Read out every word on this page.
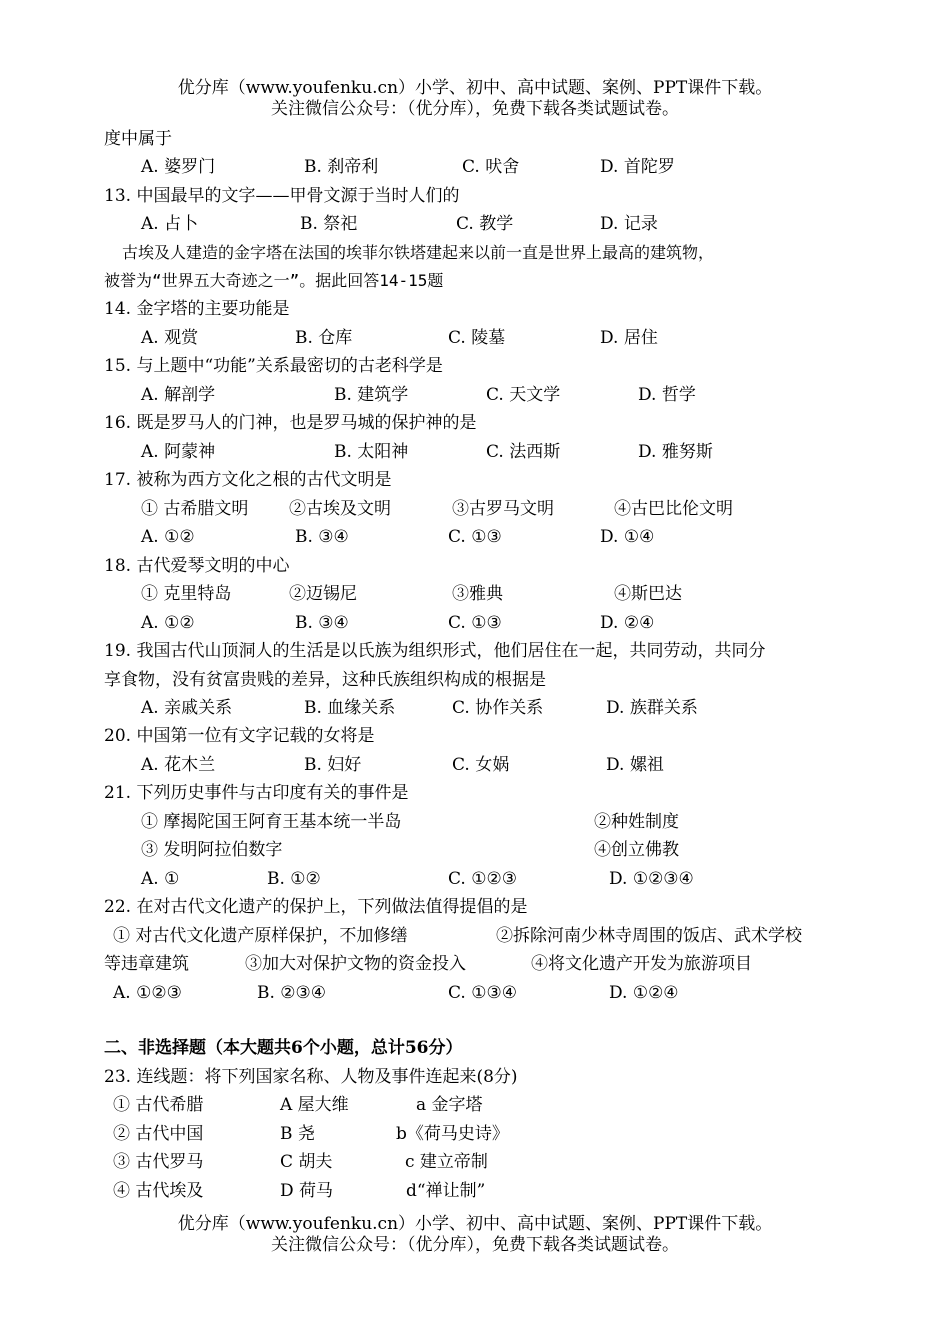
优分库（www.youfenku.cn）小学、初中、高中试题、案例、PPT课件下载。
关注微信公众号：（优分库），免费下载各类试题试卷。
度中属于
A. 婆罗门	B. 刹帝利	C. 吠舍	D. 首陀罗
13. 中国最早的文字——甲骨文源于当时人们的
A. 占卜	B. 祭祀	C. 教学	D. 记录
古埃及人建造的金字塔在法国的埃菲尔铁塔建起来以前一直是世界上最高的建筑物，
被誉为“世界五大奇迹之一”。据此回答14-15题
14. 金字塔的主要功能是
A. 观赏	B. 仓库	C. 陵墓	D. 居住
15. 与上题中“功能”关系最密切的古老科学是
A. 解剖学	B. 建筑学	C. 天文学	D. 哲学
16. 既是罗马人的门神，也是罗马城的保护神的是
A. 阿蒙神	B. 太阳神	C. 法西斯	D. 雅努斯
17. 被称为西方文化之根的古代文明是
① 古希腊文明 ②古埃及文明	③古罗马文明	④古巴比伦文明
A. ①②	B. ③④	C. ①③	D. ①④
18. 古代爱琴文明的中心
① 克里特岛	②迈锡尼	③雅典	④斯巴达
A. ①②	B. ③④	C. ①③	D. ②④
19. 我国古代山顶洞人的生活是以氏族为组织形式，他们居住在一起，共同劳动，共同分
享食物，没有贫富贵贱的差异，这种氏族组织构成的根据是
A. 亲戚关系	B. 血缘关系	C. 协作关系	D. 族群关系
20. 中国第一位有文字记载的女将是
A. 花木兰	B. 妇好	C. 女娲	D. 嫘祖
21. 下列历史事件与古印度有关的事件是
① 摩揭陀国王阿育王基本统一半岛	②种姓制度
③ 发明阿拉伯数字	④创立佛教
A. ①	B. ①②	C. ①②③	D. ①②③④
22. 在对古代文化遗产的保护上，下列做法值得提倡的是
① 对古代文化遗产原样保护，不加修缮	②拆除河南少林寺周围的饭店、武术学校
等违章建筑	③加大对保护文物的资金投入	④将文化遗产开发为旅游项目
A. ①②③	B. ②③④	C. ①③④	D. ①②④
二、非选择题（本大题共6个小题，总计56分）
23. 连线题：将下列国家名称、人物及事件连起来(8分)
① 古代希腊	A 屋大维	a 金字塔
② 古代中国	B 尧	b《荷马史诗》
③ 古代罗马	C 胡夫	c 建立帝制
④ 古代埃及	D 荷马	d“禅让制”
优分库（www.youfenku.cn）小学、初中、高中试题、案例、PPT课件下载。
关注微信公众号：（优分库），免费下载各类试题试卷。
